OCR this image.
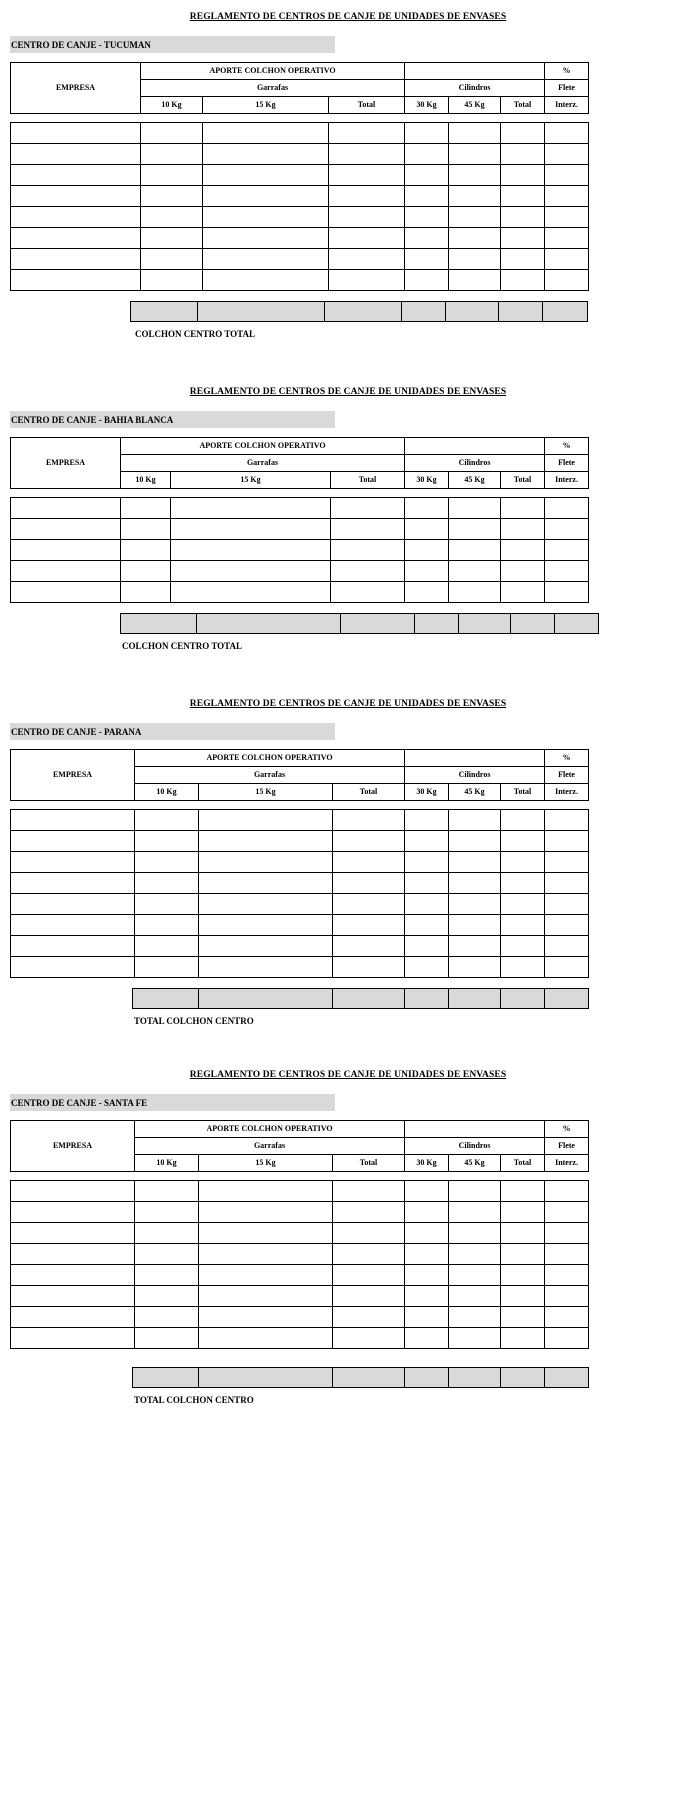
REGLAMENTO DE CENTROS DE CANJE DE UNIDADES DE ENVASES
CENTRO DE CANJE - TUCUMAN
EMPRESA	APORTE COLCHON OPERATIVO						%
	Garrafas			Cilindros			Flete
	10 Kg	15 Kg	Total	30 Kg	45 Kg	Total	Interz.

COLCHON CENTRO TOTAL
REGLAMENTO DE CENTROS DE CANJE DE UNIDADES DE ENVASES
CENTRO DE CANJE - BAHIA BLANCA
EMPRESA	APORTE COLCHON OPERATIVO						%
	Garrafas			Cilindros			Flete
	10 Kg	15 Kg	Total	30 Kg	45 Kg	Total	Interz.

COLCHON CENTRO TOTAL
REGLAMENTO DE CENTROS DE CANJE DE UNIDADES DE ENVASES
CENTRO DE CANJE - PARANA
EMPRESA	APORTE COLCHON OPERATIVO						%
	Garrafas			Cilindros			Flete
	10 Kg	15 Kg	Total	30 Kg	45 Kg	Total	Interz.

TOTAL COLCHON CENTRO
REGLAMENTO DE CENTROS DE CANJE DE UNIDADES DE ENVASES
CENTRO DE CANJE - SANTA FE
EMPRESA	APORTE COLCHON OPERATIVO						%
	Garrafas			Cilindros			Flete
	10 Kg	15 Kg	Total	30 Kg	45 Kg	Total	Interz.

TOTAL COLCHON CENTRO
